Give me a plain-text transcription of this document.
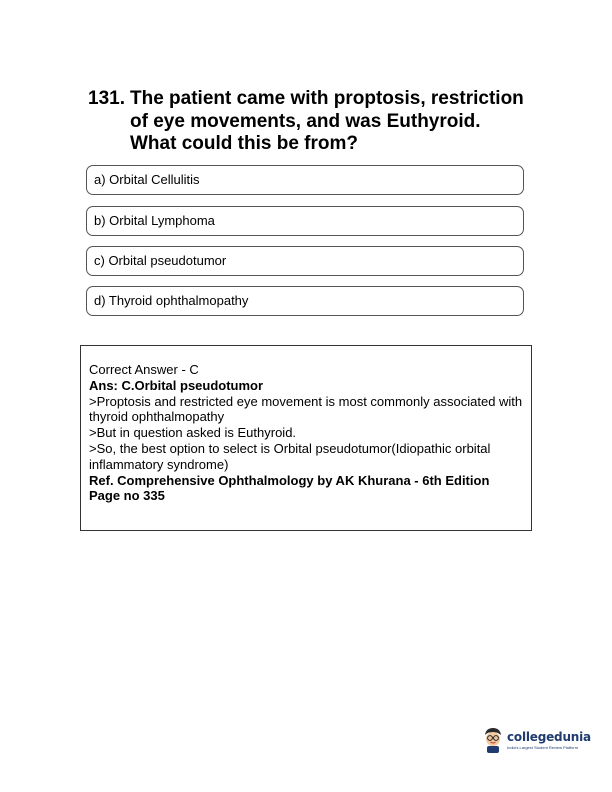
131. The patient came with proptosis, restriction of eye movements, and was Euthyroid. What could this be from?
a) Orbital Cellulitis
b) Orbital Lymphoma
c) Orbital pseudotumor
d) Thyroid ophthalmopathy
Correct Answer - C
Ans: C.Orbital pseudotumor
>Proptosis and restricted eye movement is most commonly associated with thyroid ophthalmopathy
>But in question asked is Euthyroid.
>So, the best option to select is Orbital pseudotumor(Idiopathic orbital inflammatory syndrome)
Ref. Comprehensive Ophthalmology by AK Khurana - 6th Edition Page no 335
collegedunia
India's Largest Student Review Platform
